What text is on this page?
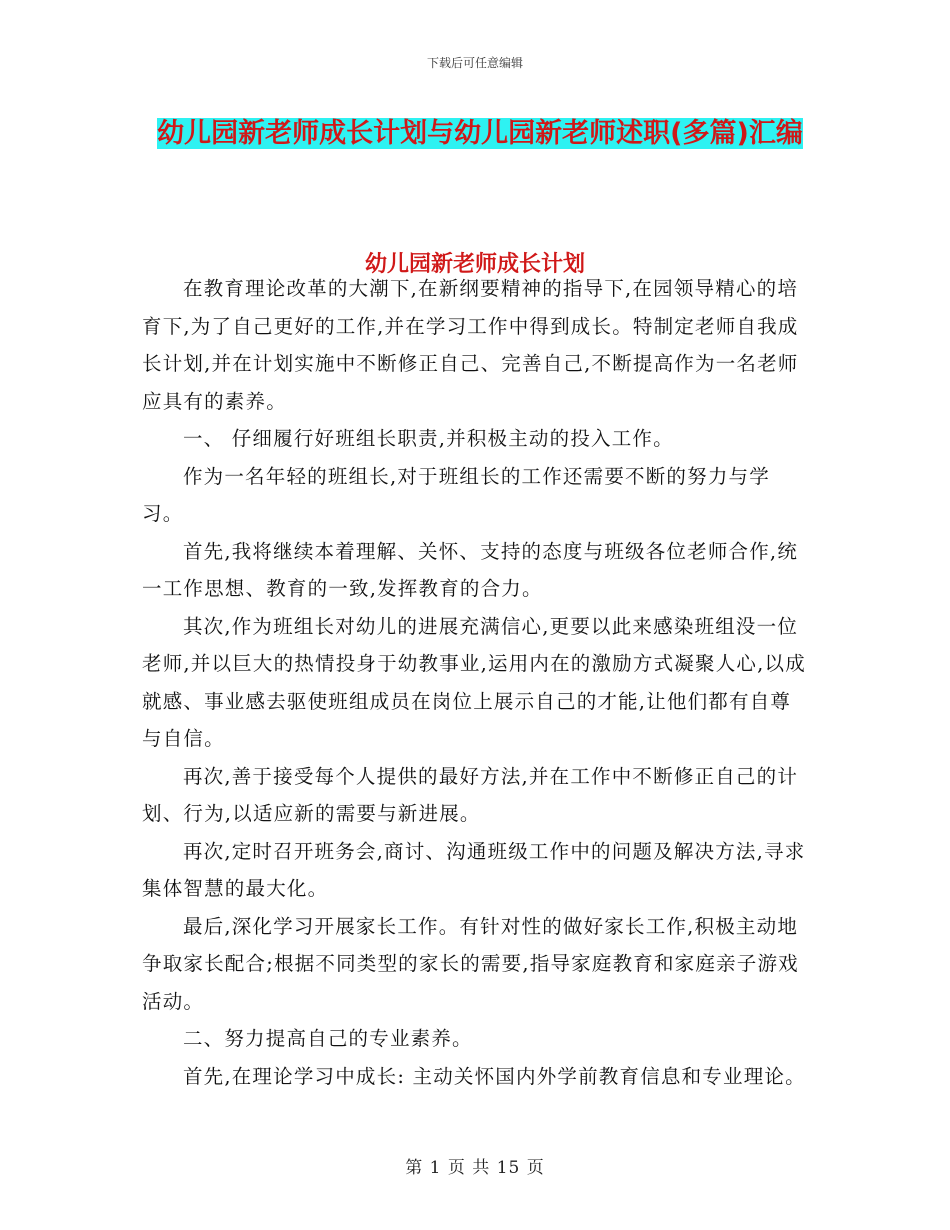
下载后可任意编辑
幼儿园新老师成长计划与幼儿园新老师述职(多篇)汇编
幼儿园新老师成长计划

在教育理论改革的大潮下,在新纲要精神的指导下,在园领导精心的培育下,为了自己更好的工作,并在学习工作中得到成长。特制定老师自我成长计划,并在计划实施中不断修正自己、完善自己,不断提高作为一名老师应具有的素养。

一、 仔细履行好班组长职责,并积极主动的投入工作。

作为一名年轻的班组长,对于班组长的工作还需要不断的努力与学习。

首先,我将继续本着理解、关怀、支持的态度与班级各位老师合作,统一工作思想、教育的一致,发挥教育的合力。

其次,作为班组长对幼儿的进展充满信心,更要以此来感染班组没一位老师,并以巨大的热情投身于幼教事业,运用内在的激励方式凝聚人心,以成就感、事业感去驱使班组成员在岗位上展示自己的才能,让他们都有自尊与自信。

再次,善于接受每个人提供的最好方法,并在工作中不断修正自己的计划、行为,以适应新的需要与新进展。

再次,定时召开班务会,商讨、沟通班级工作中的问题及解决方法,寻求集体智慧的最大化。

最后,深化学习开展家长工作。有针对性的做好家长工作,积极主动地争取家长配合;根据不同类型的家长的需要,指导家庭教育和家庭亲子游戏活动。

二、努力提高自己的专业素养。

首先,在理论学习中成长: 主动关怀国内外学前教育信息和专业理论。

第 1 页 共 15 页
